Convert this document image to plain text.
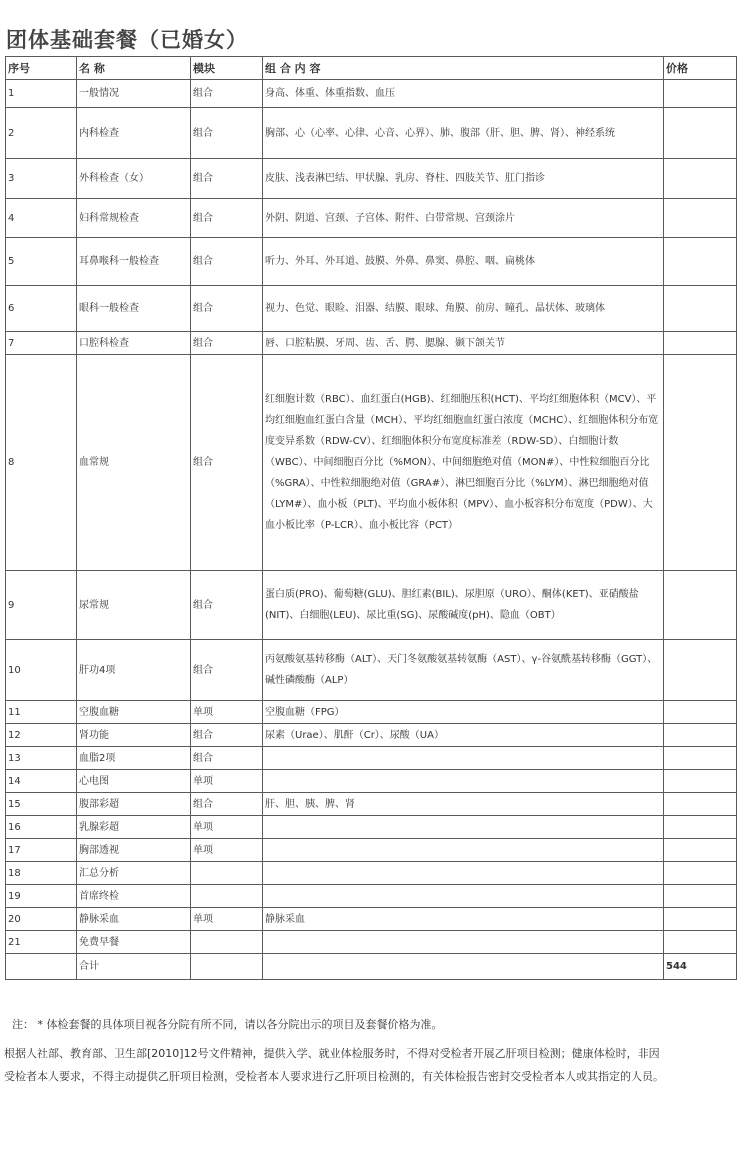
团体基础套餐（已婚女）
序号	名 称	模块	组 合 内 容	价格
1	一般情况	组合	身高、体重、体重指数、血压	
2	内科检查	组合	胸部、心（心率、心律、心音、心界）、肺、腹部（肝、胆、脾、肾）、神经系统	
3	外科检查（女）	组合	皮肤、浅表淋巴结、甲状腺、乳房、脊柱、四肢关节、肛门指诊	
4	妇科常规检查	组合	外阴、阴道、宫颈、子宫体、附件、白带常规、宫颈涂片	
5	耳鼻喉科一般检查	组合	听力、外耳、外耳道、鼓膜、外鼻、鼻窦、鼻腔、咽、扁桃体	
6	眼科一般检查	组合	视力、色觉、眼睑、泪器、结膜、眼球、角膜、前房、瞳孔、晶状体、玻璃体	
7	口腔科检查	组合	唇、口腔粘膜、牙周、齿、舌、腭、腮腺、颞下颌关节	
8	血常规	组合	红细胞计数（RBC）、血红蛋白(HGB)、红细胞压积(HCT)、平均红细胞体积（MCV）、平均红细胞血红蛋白含量（MCH）、平均红细胞血红蛋白浓度（MCHC）、红细胞体积分布宽度变异系数（RDW-CV）、红细胞体积分布宽度标准差（RDW-SD）、白细胞计数（WBC）、中间细胞百分比（%MON）、中间细胞绝对值（MON#）、中性粒细胞百分比（%GRA）、中性粒细胞绝对值（GRA#）、淋巴细胞百分比（%LYM）、淋巴细胞绝对值（LYM#）、血小板（PLT)、平均血小板体积（MPV）、血小板容积分布宽度（PDW）、大血小板比率（P-LCR）、血小板比容（PCT）	
9	尿常规	组合	蛋白质(PRO)、葡萄糖(GLU)、胆红素(BIL)、尿胆原（URO）、酮体(KET)、亚硝酸盐(NIT)、白细胞(LEU)、尿比重(SG)、尿酸碱度(pH)、隐血（OBT）	
10	肝功4项	组合	丙氨酸氨基转移酶（ALT）、天门冬氨酸氨基转氨酶（AST）、γ-谷氨酰基转移酶（GGT）、碱性磷酸酶（ALP）	
11	空腹血糖	单项	空腹血糖（FPG）	
12	肾功能	组合	尿素（Urae）、肌酐（Cr）、尿酸（UA）	
13	血脂2项	组合		
14	心电图	单项		
15	腹部彩超	组合	肝、胆、胰、脾、肾	
16	乳腺彩超	单项		
17	胸部透视	单项		
18	汇总分析			
19	首席终检			
20	静脉采血	单项	静脉采血	
21	免费早餐			
	合计			544

注： * 体检套餐的具体项目视各分院有所不同，请以各分院出示的项目及套餐价格为准。

根据人社部、教育部、卫生部[2010]12号文件精神，提供入学、就业体检服务时，不得对受检者开展乙肝项目检测；健康体检时，非因受检者本人要求，不得主动提供乙肝项目检测，受检者本人要求进行乙肝项目检测的，有关体检报告密封交受检者本人或其指定的人员。
